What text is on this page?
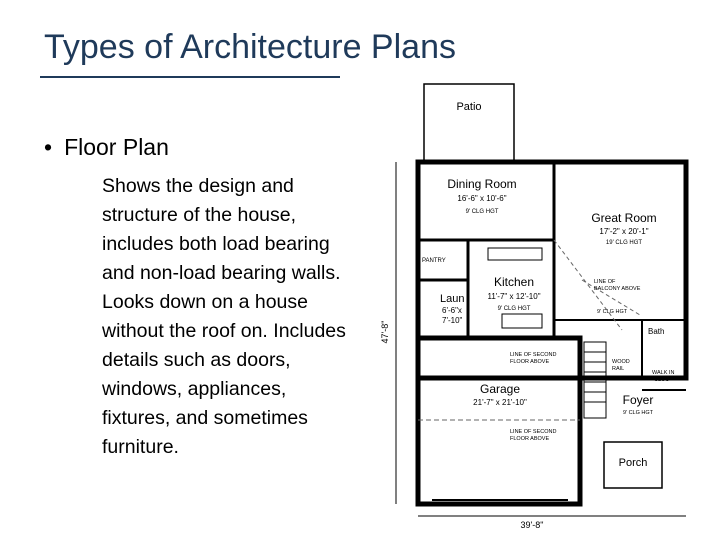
Types of Architecture Plans
• Floor Plan
Shows the design and structure of the house, includes both load bearing and non-load bearing walls. Looks down on a house without the roof on. Includes details such as doors, windows, appliances, fixtures, and sometimes furniture.
Patio
Dining Room
16'-6" x 10'-6"
9' CLG HGT	Great Room
17'-2" x 20'-1"
19' CLG HGT
PANTRY
Kitchen
11'-7" x 12'-10"
9' CLG HGT
Laun
6'-6"x
7'-10"
LINE OF
BALCONY ABOVE
9' CLG HGT
Bath
LINE OF SECOND
FLOOR ABOVE	WOOD
RAIL
WALK IN
CLOS
Garage
21'-7" x 21'-10"	Foyer
9' CLG HGT
LINE OF SECOND
FLOOR ABOVE
Porch
47'-8"
39'-8"
